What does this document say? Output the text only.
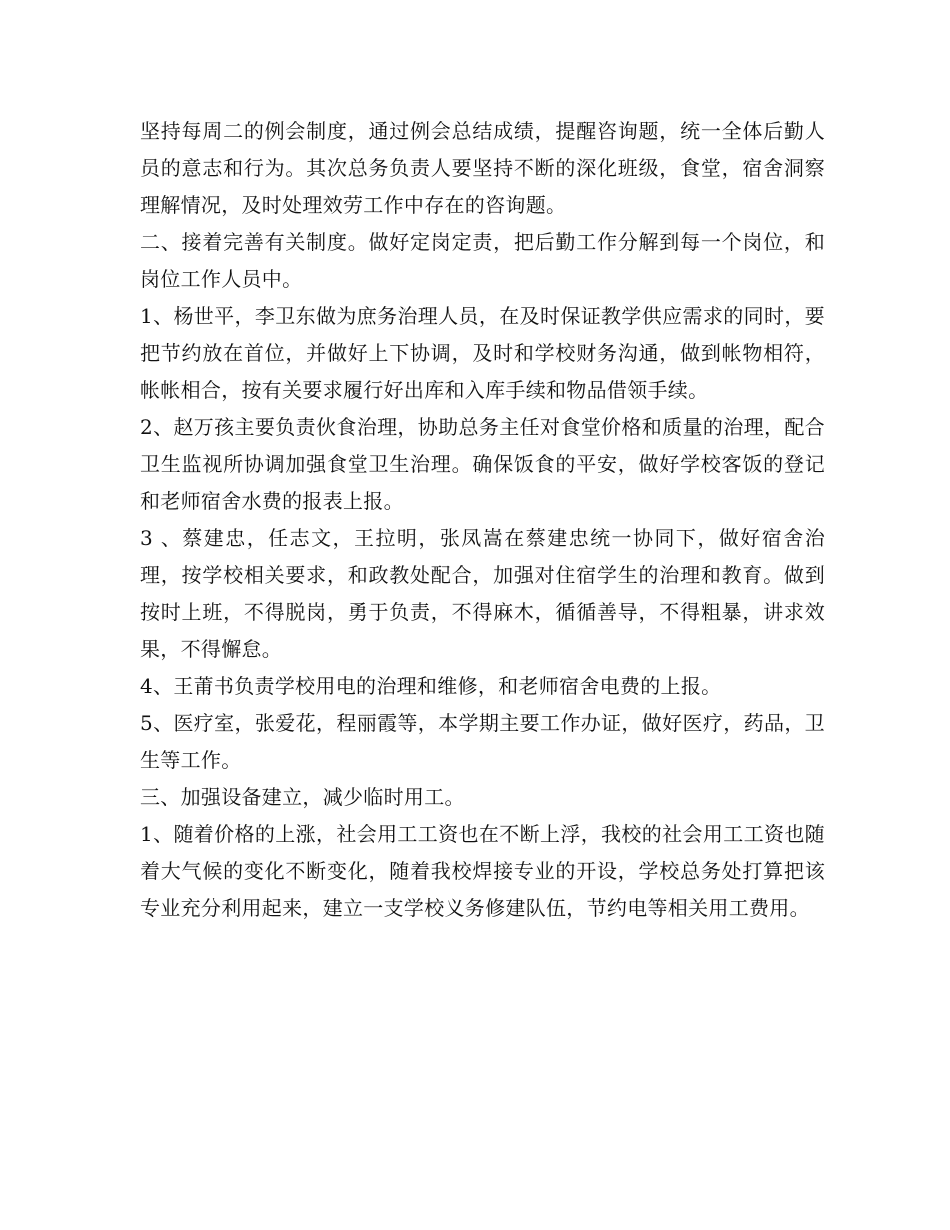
坚持每周二的例会制度，通过例会总结成绩，提醒咨询题，统一全体后勤人员的意志和行为。其次总务负责人要坚持不断的深化班级，食堂，宿舍洞察理解情况，及时处理效劳工作中存在的咨询题。

二、接着完善有关制度。做好定岗定责，把后勤工作分解到每一个岗位，和岗位工作人员中。

1、杨世平，李卫东做为庶务治理人员，在及时保证教学供应需求的同时，要把节约放在首位，并做好上下协调，及时和学校财务沟通，做到帐物相符，帐帐相合，按有关要求履行好出库和入库手续和物品借领手续。

2、赵万孩主要负责伙食治理，协助总务主任对食堂价格和质量的治理，配合卫生监视所协调加强食堂卫生治理。确保饭食的平安，做好学校客饭的登记和老师宿舍水费的报表上报。

3 、蔡建忠，任志文，王拉明，张凤嵩在蔡建忠统一协同下，做好宿舍治理，按学校相关要求，和政教处配合，加强对住宿学生的治理和教育。做到按时上班，不得脱岗，勇于负责，不得麻木，循循善导，不得粗暴，讲求效果，不得懈怠。

4、王莆书负责学校用电的治理和维修，和老师宿舍电费的上报。

5、医疗室，张爱花，程丽霞等，本学期主要工作办证，做好医疗，药品，卫生等工作。

三、加强设备建立，减少临时用工。

1、随着价格的上涨，社会用工工资也在不断上浮，我校的社会用工工资也随着大气候的变化不断变化，随着我校焊接专业的开设，学校总务处打算把该专业充分利用起来，建立一支学校义务修建队伍，节约电等相关用工费用。
